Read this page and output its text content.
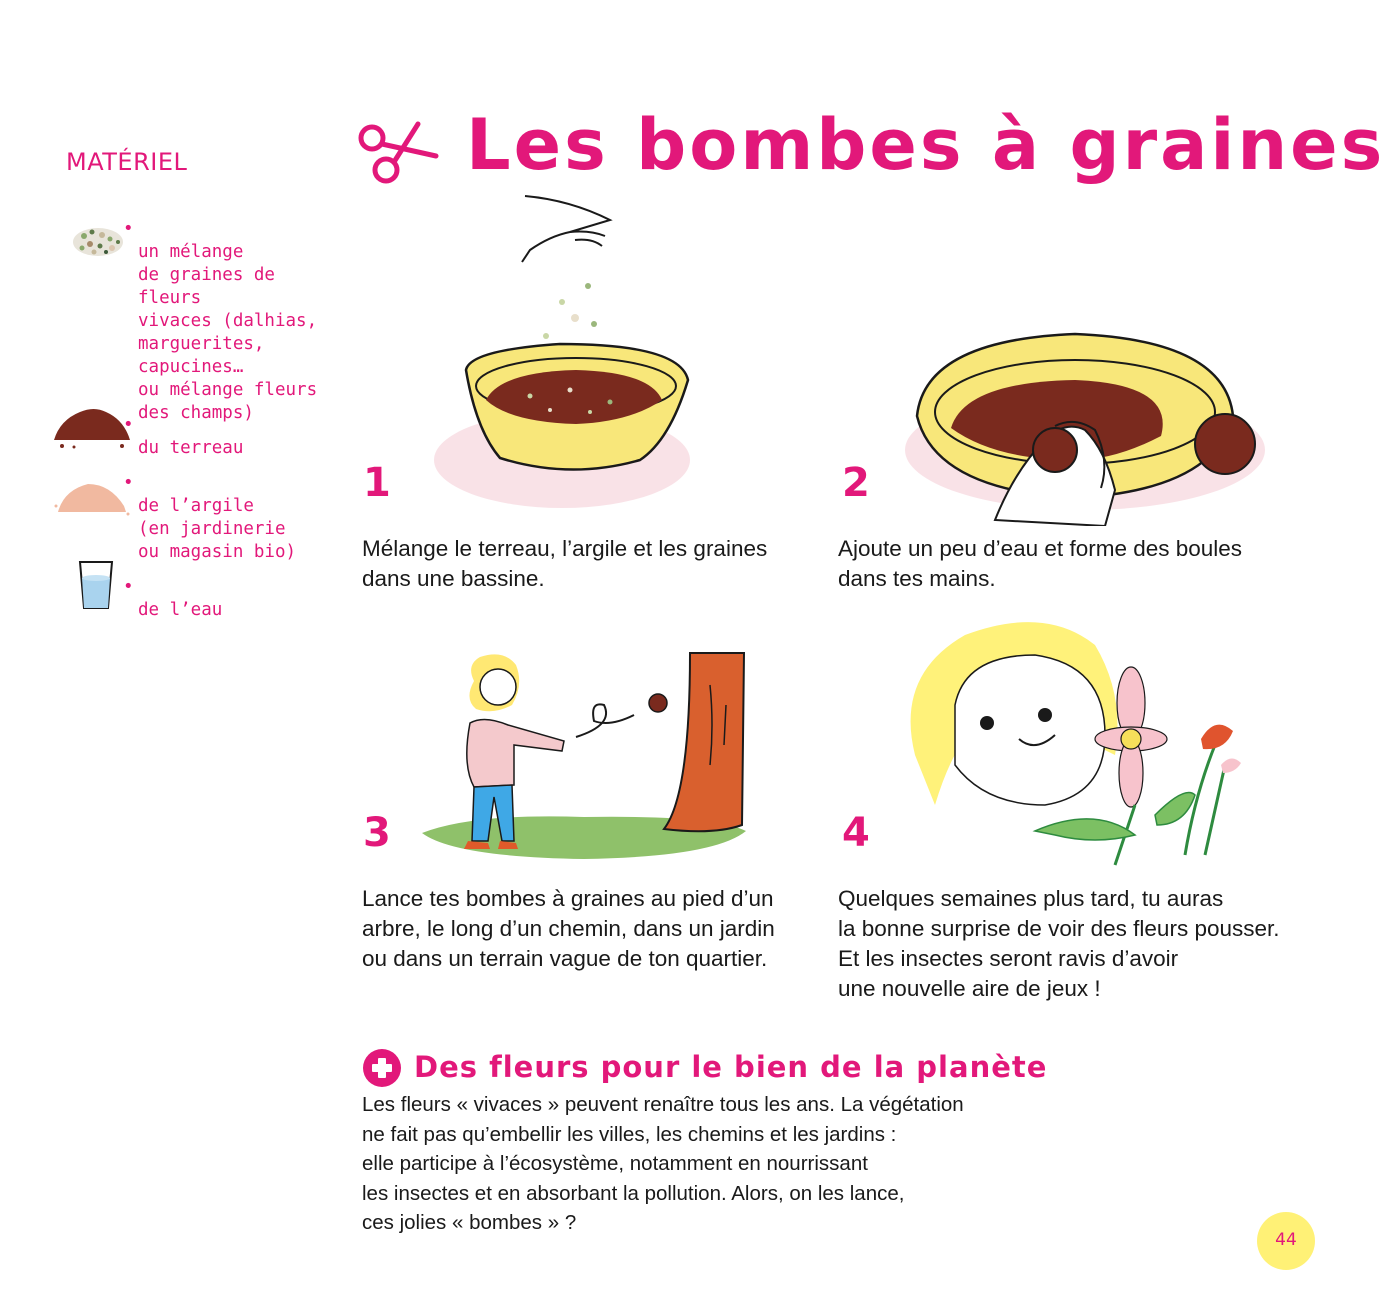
MATÉRIEL

•
un mélange
de graines de fleurs
vivaces (dalhias,
marguerites,
capucines…
ou mélange fleurs
des champs)

•
du terreau

•
de l’argile
(en jardinerie
ou magasin bio)

•
de l’eau

Les bombes à graines
1
Mélange le terreau, l’argile et les graines
dans une bassine.
2
Ajoute un peu d’eau et forme des boules
dans tes mains.
3
Lance tes bombes à graines au pied d’un
arbre, le long d’un chemin, dans un jardin
ou dans un terrain vague de ton quartier.
4
Quelques semaines plus tard, tu auras
la bonne surprise de voir des fleurs pousser.
Et les insectes seront ravis d’avoir
une nouvelle aire de jeux !
Des fleurs pour le bien de la planète
Les fleurs « vivaces » peuvent renaître tous les ans. La végétation
ne fait pas qu’embellir les villes, les chemins et les jardins :
elle participe à l’écosystème, notamment en nourrissant
les insectes et en absorbant la pollution. Alors, on les lance,
ces jolies « bombes » ?
44
